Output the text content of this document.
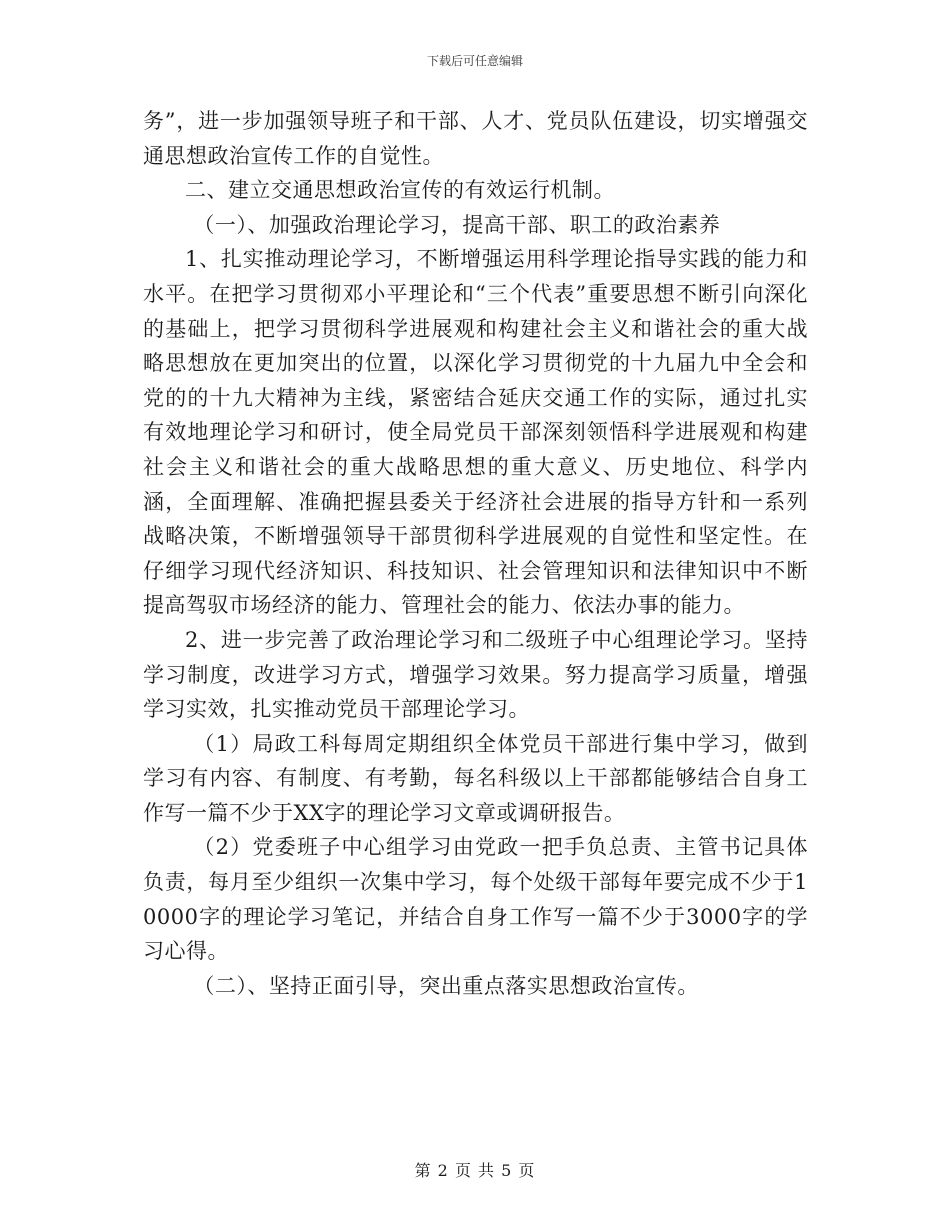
下载后可任意编辑

务”，进一步加强领导班子和干部、人才、党员队伍建设，切实增强交通思想政治宣传工作的自觉性。

二、建立交通思想政治宣传的有效运行机制。

（一）、加强政治理论学习，提高干部、职工的政治素养

1、扎实推动理论学习，不断增强运用科学理论指导实践的能力和水平。在把学习贯彻邓小平理论和“三个代表”重要思想不断引向深化的基础上，把学习贯彻科学进展观和构建社会主义和谐社会的重大战略思想放在更加突出的位置，以深化学习贯彻党的十九届九中全会和党的的十九大精神为主线，紧密结合延庆交通工作的实际，通过扎实有效地理论学习和研讨，使全局党员干部深刻领悟科学进展观和构建社会主义和谐社会的重大战略思想的重大意义、历史地位、科学内涵，全面理解、准确把握县委关于经济社会进展的指导方针和一系列战略决策，不断增强领导干部贯彻科学进展观的自觉性和坚定性。在仔细学习现代经济知识、科技知识、社会管理知识和法律知识中不断提高驾驭市场经济的能力、管理社会的能力、依法办事的能力。

2、进一步完善了政治理论学习和二级班子中心组理论学习。坚持学习制度，改进学习方式，增强学习效果。努力提高学习质量，增强学习实效，扎实推动党员干部理论学习。

（1）局政工科每周定期组织全体党员干部进行集中学习，做到学习有内容、有制度、有考勤，每名科级以上干部都能够结合自身工作写一篇不少于XX字的理论学习文章或调研报告。

（2）党委班子中心组学习由党政一把手负总责、主管书记具体负责，每月至少组织一次集中学习，每个处级干部每年要完成不少于10000字的理论学习笔记，并结合自身工作写一篇不少于3000字的学习心得。

（二）、坚持正面引导，突出重点落实思想政治宣传。

第 2 页 共 5 页
